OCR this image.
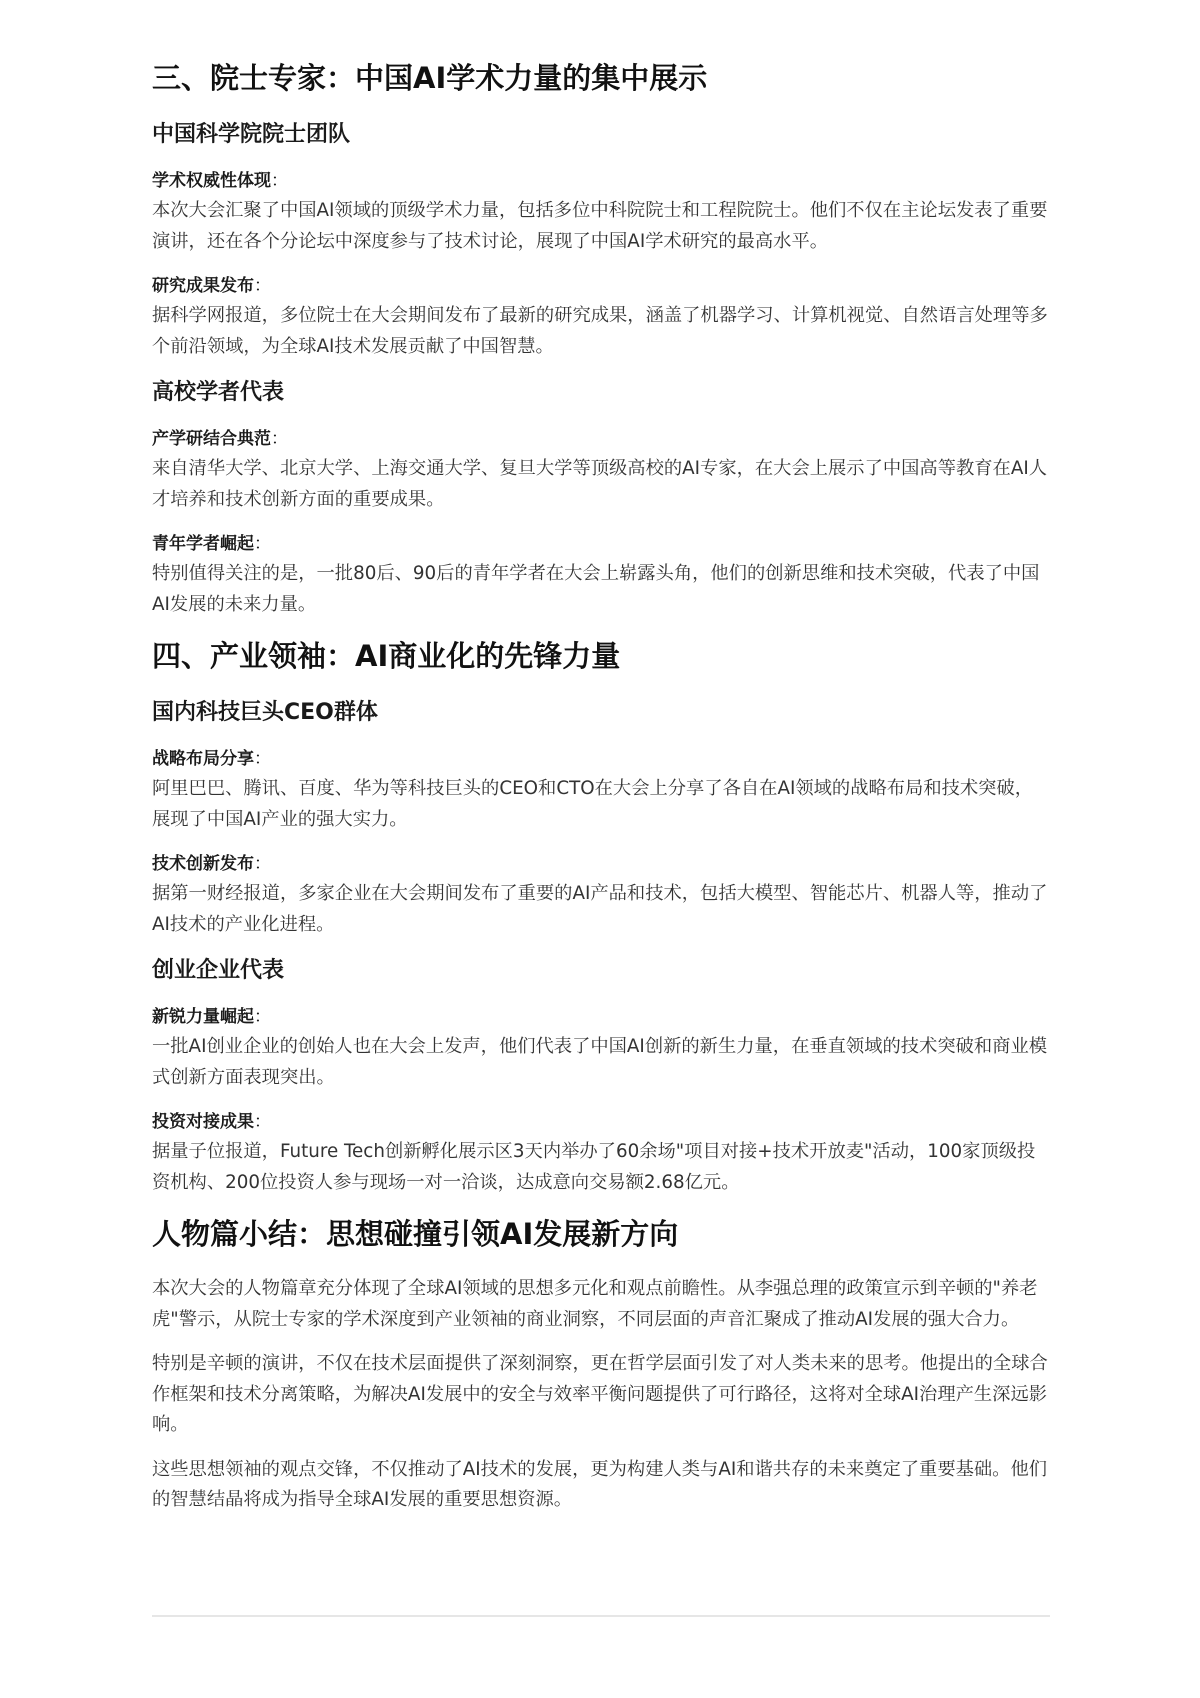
三、院士专家：中国AI学术力量的集中展示
中国科学院院士团队
学术权威性体现：

本次大会汇聚了中国AI领域的顶级学术力量，包括多位中科院院士和工程院院士。他们不仅在主论坛发表了重要演讲，还在各个分论坛中深度参与了技术讨论，展现了中国AI学术研究的最高水平。

研究成果发布：

据科学网报道，多位院士在大会期间发布了最新的研究成果，涵盖了机器学习、计算机视觉、自然语言处理等多个前沿领域，为全球AI技术发展贡献了中国智慧。

高校学者代表
产学研结合典范：

来自清华大学、北京大学、上海交通大学、复旦大学等顶级高校的AI专家，在大会上展示了中国高等教育在AI人才培养和技术创新方面的重要成果。

青年学者崛起：

特别值得关注的是，一批80后、90后的青年学者在大会上崭露头角，他们的创新思维和技术突破，代表了中国AI发展的未来力量。

四、产业领袖：AI商业化的先锋力量
国内科技巨头CEO群体
战略布局分享：

阿里巴巴、腾讯、百度、华为等科技巨头的CEO和CTO在大会上分享了各自在AI领域的战略布局和技术突破，展现了中国AI产业的强大实力。

技术创新发布：

据第一财经报道，多家企业在大会期间发布了重要的AI产品和技术，包括大模型、智能芯片、机器人等，推动了AI技术的产业化进程。

创业企业代表
新锐力量崛起：

一批AI创业企业的创始人也在大会上发声，他们代表了中国AI创新的新生力量，在垂直领域的技术突破和商业模式创新方面表现突出。

投资对接成果：

据量子位报道，Future Tech创新孵化展示区3天内举办了60余场"项目对接+技术开放麦"活动，100家顶级投资机构、200位投资人参与现场一对一洽谈，达成意向交易额2.68亿元。

人物篇小结：思想碰撞引领AI发展新方向

本次大会的人物篇章充分体现了全球AI领域的思想多元化和观点前瞻性。从李强总理的政策宣示到辛顿的"养老虎"警示，从院士专家的学术深度到产业领袖的商业洞察，不同层面的声音汇聚成了推动AI发展的强大合力。

特别是辛顿的演讲，不仅在技术层面提供了深刻洞察，更在哲学层面引发了对人类未来的思考。他提出的全球合作框架和技术分离策略，为解决AI发展中的安全与效率平衡问题提供了可行路径，这将对全球AI治理产生深远影响。

这些思想领袖的观点交锋，不仅推动了AI技术的发展，更为构建人类与AI和谐共存的未来奠定了重要基础。他们的智慧结晶将成为指导全球AI发展的重要思想资源。
